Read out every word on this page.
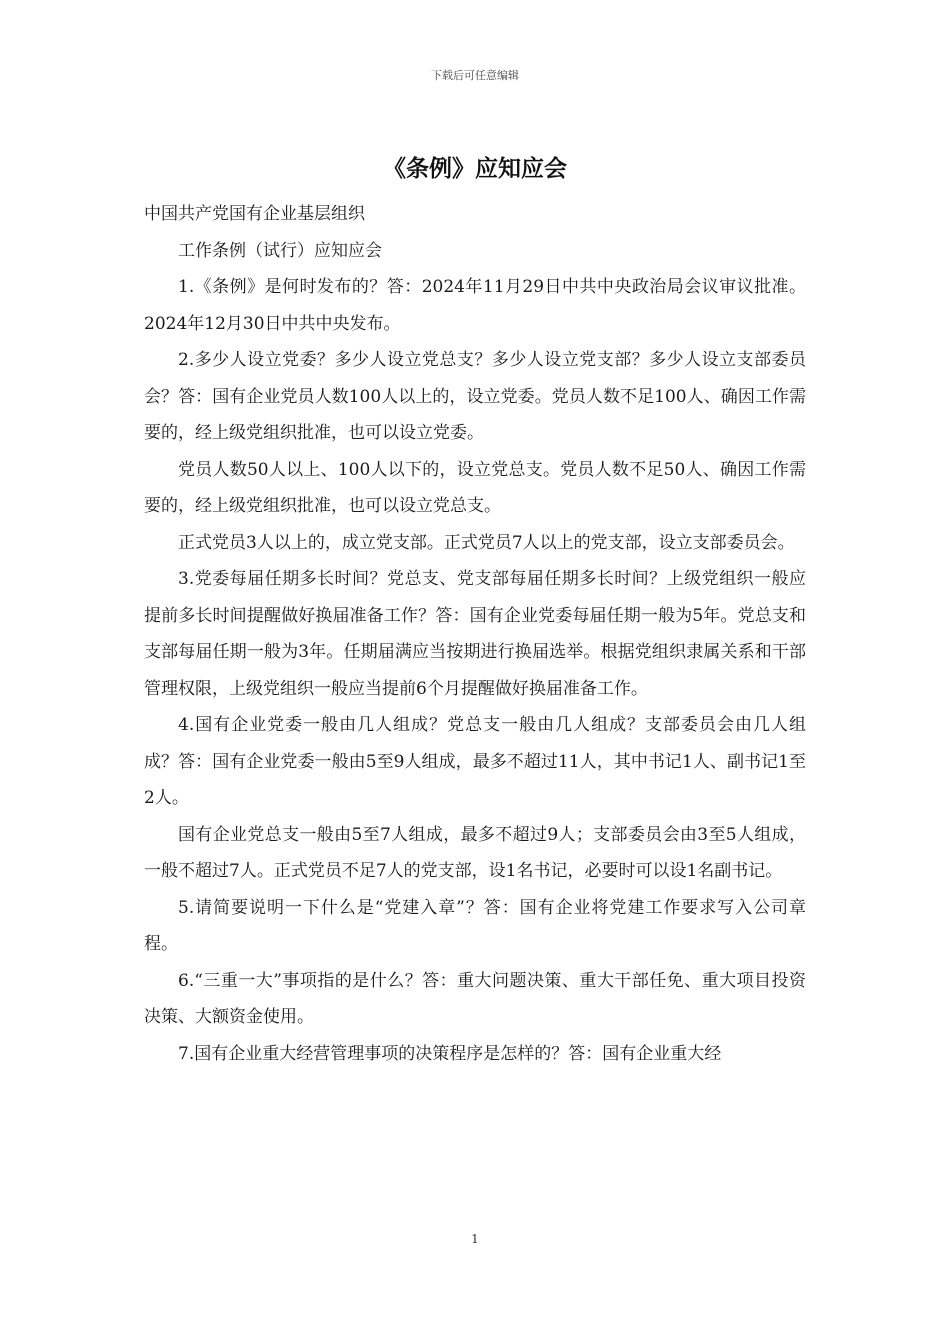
下载后可任意编辑
《条例》应知应会

中国共产党国有企业基层组织

工作条例（试行）应知应会

1.《条例》是何时发布的？答：2024年11月29日中共中央政治局会议审议批准。2024年12月30日中共中央发布。

2.多少人设立党委？多少人设立党总支？多少人设立党支部？多少人设立支部委员会？答：国有企业党员人数100人以上的，设立党委。党员人数不足100人、确因工作需要的，经上级党组织批准，也可以设立党委。

党员人数50人以上、100人以下的，设立党总支。党员人数不足50人、确因工作需要的，经上级党组织批准，也可以设立党总支。

正式党员3人以上的，成立党支部。正式党员7人以上的党支部，设立支部委员会。

3.党委每届任期多长时间？党总支、党支部每届任期多长时间？上级党组织一般应提前多长时间提醒做好换届准备工作？答：国有企业党委每届任期一般为5年。党总支和支部每届任期一般为3年。任期届满应当按期进行换届选举。根据党组织隶属关系和干部管理权限，上级党组织一般应当提前6个月提醒做好换届准备工作。

4.国有企业党委一般由几人组成？党总支一般由几人组成？支部委员会由几人组成？答：国有企业党委一般由5至9人组成，最多不超过11人，其中书记1人、副书记1至2人。

国有企业党总支一般由5至7人组成，最多不超过9人；支部委员会由3至5人组成，一般不超过7人。正式党员不足7人的党支部，设1名书记，必要时可以设1名副书记。

5.请简要说明一下什么是“党建入章”？答：国有企业将党建工作要求写入公司章程。

6.“三重一大”事项指的是什么？答：重大问题决策、重大干部任免、重大项目投资决策、大额资金使用。

7.国有企业重大经营管理事项的决策程序是怎样的？答：国有企业重大经

1
